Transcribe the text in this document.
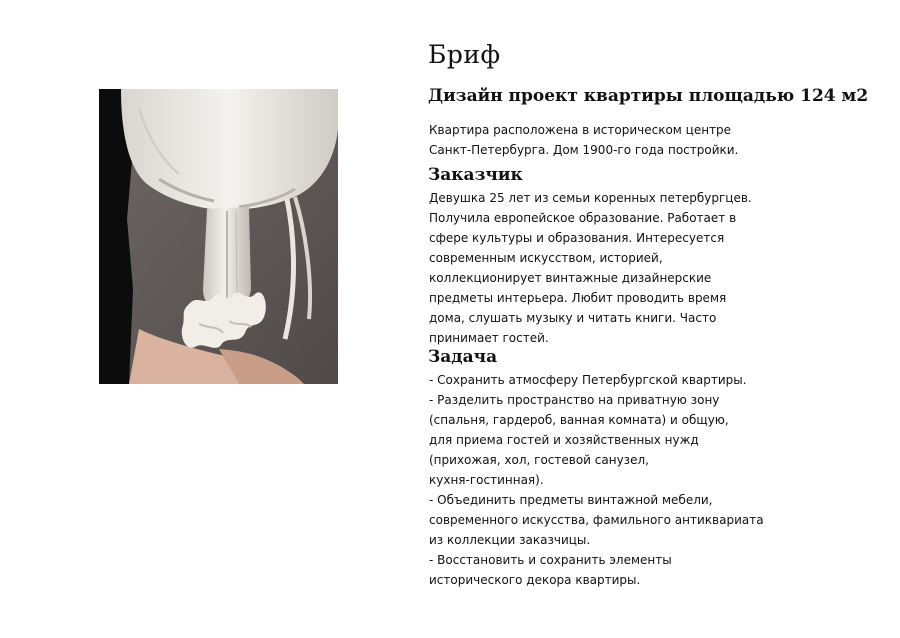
Бриф
Дизайн проект квартиры площадью 124 м2

Квартира расположена в историческом центре

Санкт-Петербурга. Дом 1900-го года постройки.

Заказчик

Девушка 25 лет из семьи коренных петербургцев.

Получила европейское образование. Работает в

сфере культуры и образования. Интересуется

современным искусством, историей,

коллекционирует винтажные дизайнерские

предметы интерьера. Любит проводить время

дома, слушать музыку и читать книги. Часто

принимает гостей.

Задача

- Сохранить атмосферу Петербургской квартиры.

- Разделить пространство на приватную зону

(спальня, гардероб, ванная комната) и общую,

для приема гостей и хозяйственных нужд

(прихожая, хол, гостевой санузел,

кухня-гостинная).

- Объединить предметы винтажной мебели,

современного искусства, фамильного антиквариата

из коллекции заказчицы.

- Восстановить и сохранить элементы

исторического декора квартиры.
